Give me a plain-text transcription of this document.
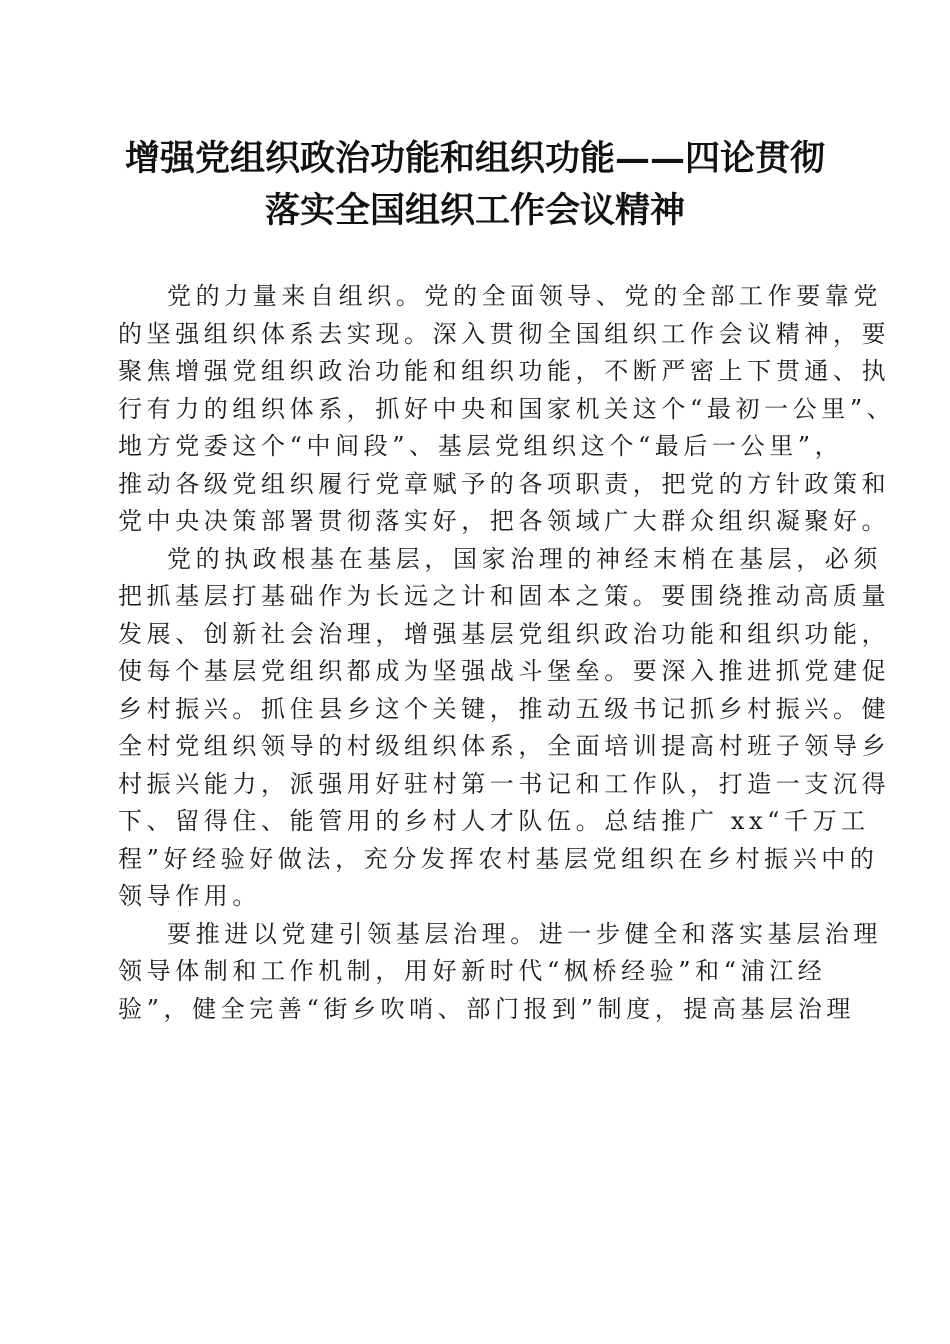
增强党组织政治功能和组织功能——四论贯彻
落实全国组织工作会议精神
党的力量来自组织。党的全面领导、党的全部工作要靠党
的坚强组织体系去实现。深入贯彻全国组织工作会议精神，要
聚焦增强党组织政治功能和组织功能，不断严密上下贯通、执
行有力的组织体系，抓好中央和国家机关这个“最初一公里”、
地方党委这个“中间段”、基层党组织这个“最后一公里”，
推动各级党组织履行党章赋予的各项职责，把党的方针政策和
党中央决策部署贯彻落实好，把各领域广大群众组织凝聚好。
党的执政根基在基层，国家治理的神经末梢在基层，必须
把抓基层打基础作为长远之计和固本之策。要围绕推动高质量
发展、创新社会治理，增强基层党组织政治功能和组织功能，
使每个基层党组织都成为坚强战斗堡垒。要深入推进抓党建促
乡村振兴。抓住县乡这个关键，推动五级书记抓乡村振兴。健
全村党组织领导的村级组织体系，全面培训提高村班子领导乡
村振兴能力，派强用好驻村第一书记和工作队，打造一支沉得
下、留得住、能管用的乡村人才队伍。总结推广 xx“千万工
程”好经验好做法，充分发挥农村基层党组织在乡村振兴中的
领导作用。
要推进以党建引领基层治理。进一步健全和落实基层治理
领导体制和工作机制，用好新时代“枫桥经验”和“浦江经
验”，健全完善“街乡吹哨、部门报到”制度，提高基层治理
